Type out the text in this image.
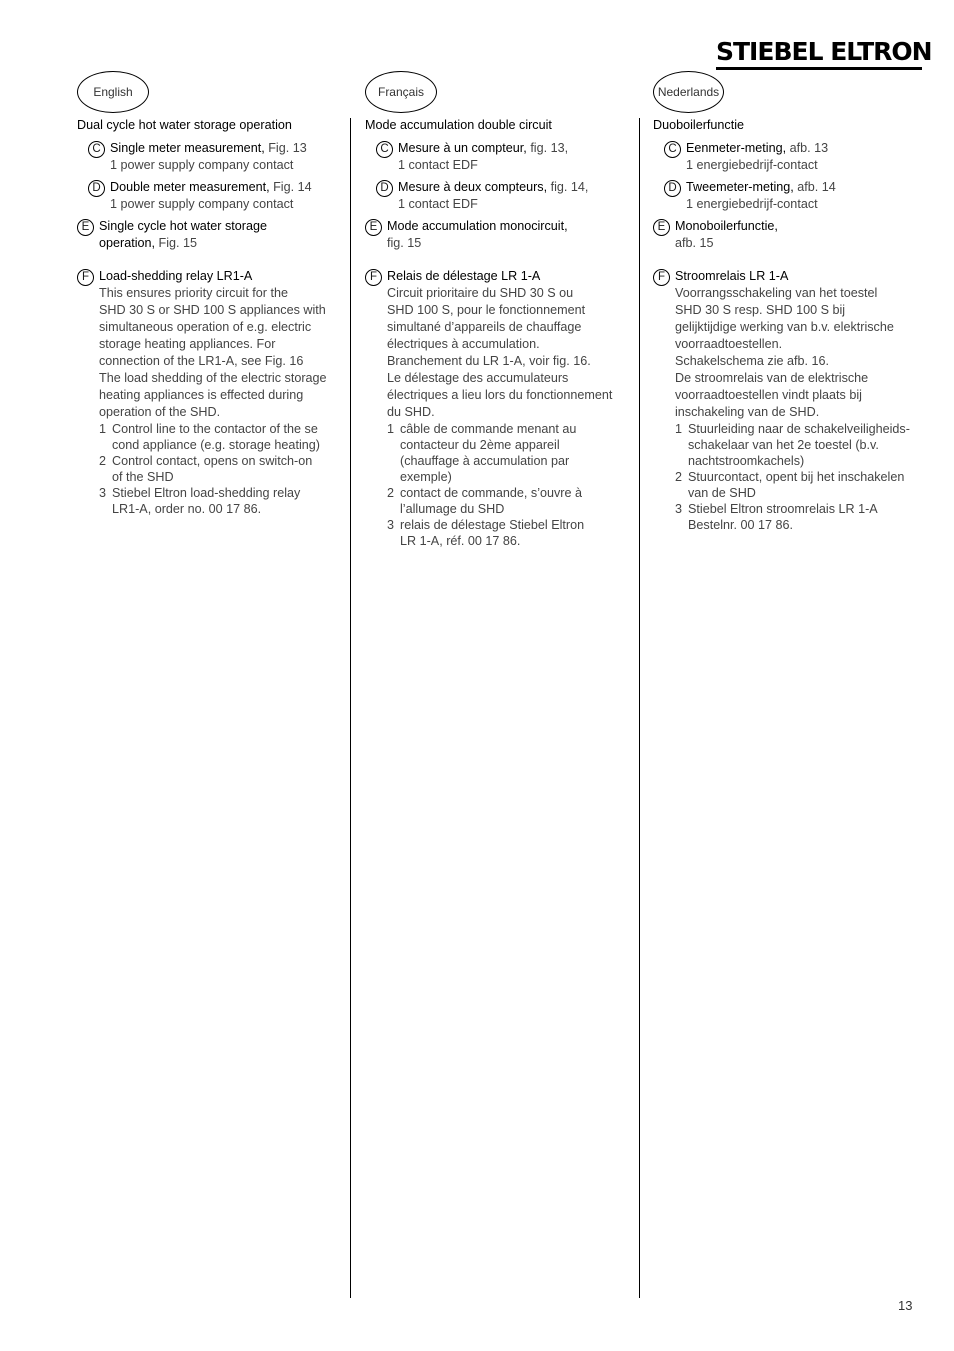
STIEBEL ELTRON
English	Français	Nederlands

Dual cycle hot water storage operation

C Single meter measurement, Fig. 13

1 power supply company contact

D Double meter measurement, Fig. 14

1 power supply company contact

E Single cycle hot water storage

operation, Fig. 15

F Load-shedding relay LR1-A

This ensures priority circuit for the

SHD 30 S or SHD 100 S appliances with

simultaneous operation of e.g. electric

storage heating appliances. For

connection of the LR1-A, see Fig. 16

The load shedding of the electric storage

heating appliances is effected during

operation of the SHD.

1 Control line to the contactor of the se

cond appliance (e.g. storage heating)

2 Control contact, opens on switch-on

of the SHD

3 Stiebel Eltron load-shedding relay

LR1-A, order no. 00 17 86.

Mode accumulation double circuit

C Mesure à un compteur, fig. 13,

1 contact EDF

D Mesure à deux compteurs, fig. 14,

1 contact EDF

E Mode accumulation monocircuit,

fig. 15

F Relais de délestage LR 1-A

Circuit prioritaire du SHD 30 S ou

SHD 100 S, pour le fonctionnement

simultané d’appareils de chauffage

électriques à accumulation.

Branchement du LR 1-A, voir fig. 16.

Le délestage des accumulateurs

électriques a lieu lors du fonctionnement

du SHD.

1 câble de commande menant au

contacteur du 2ème appareil

(chauffage à accumulation par

exemple)

2 contact de commande, s’ouvre à

l’allumage du SHD

3 relais de délestage Stiebel Eltron

LR 1-A, réf. 00 17 86.

Duoboilerfunctie

C Eenmeter-meting, afb. 13

1 energiebedrijf-contact

D Tweemeter-meting, afb. 14

1 energiebedrijf-contact

E Monoboilerfunctie,

afb. 15

F Stroomrelais LR 1-A

Voorrangsschakeling van het toestel

SHD 30 S resp. SHD 100 S bij

gelijktijdige werking van b.v. elektrische

voorraadtoestellen.

Schakelschema zie afb. 16.

De stroomrelais van de elektrische

voorraadtoestellen vindt plaats bij

inschakeling van de SHD.

1 Stuurleiding naar de schakelveiligheids-

schakelaar van het 2e toestel (b.v.

nachtstroomkachels)

2 Stuurcontact, opent bij het inschakelen

van de SHD

3 Stiebel Eltron stroomrelais LR 1-A

Bestelnr. 00 17 86.

13
